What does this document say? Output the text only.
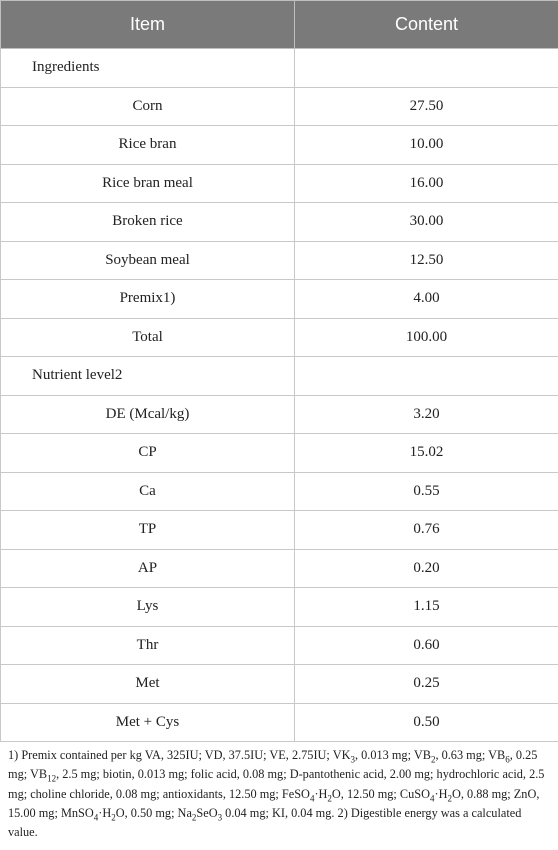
Item	Content
Ingredients	
Corn	27.50
Rice bran	10.00
Rice bran meal	16.00
Broken rice	30.00
Soybean meal	12.50
Premix1)	4.00
Total	100.00
Nutrient level2	
DE (Mcal/kg)	3.20
CP	15.02
Ca	0.55
TP	0.76
AP	0.20
Lys	1.15
Thr	0.60
Met	0.25
Met + Cys	0.50
1) Premix contained per kg VA, 325IU; VD, 37.5IU; VE, 2.75IU; $VK_3$, 0.013 mg; $VB_2$, 0.63 mg; $VB_6$, 0.25 mg; $VB_{12}$, 2.5 mg; biotin, 0.013 mg; folic acid, 0.08 mg; D-pantothenic acid, 2.00 mg; hydrochloric acid, 2.5 mg; choline chloride, 0.08 mg; antioxidants, 12.50 mg; $FeSO_4\cdot H_2O$, 12.50 mg; $CuSO_4\cdot H_2O$, 0.88 mg; ZnO, 15.00 mg; $MnSO_4\cdot H_2O$, 0.50 mg; $Na_2SeO_3$ 0.04 mg; KI, 0.04 mg. 2) Digestible energy was a calculated value.
